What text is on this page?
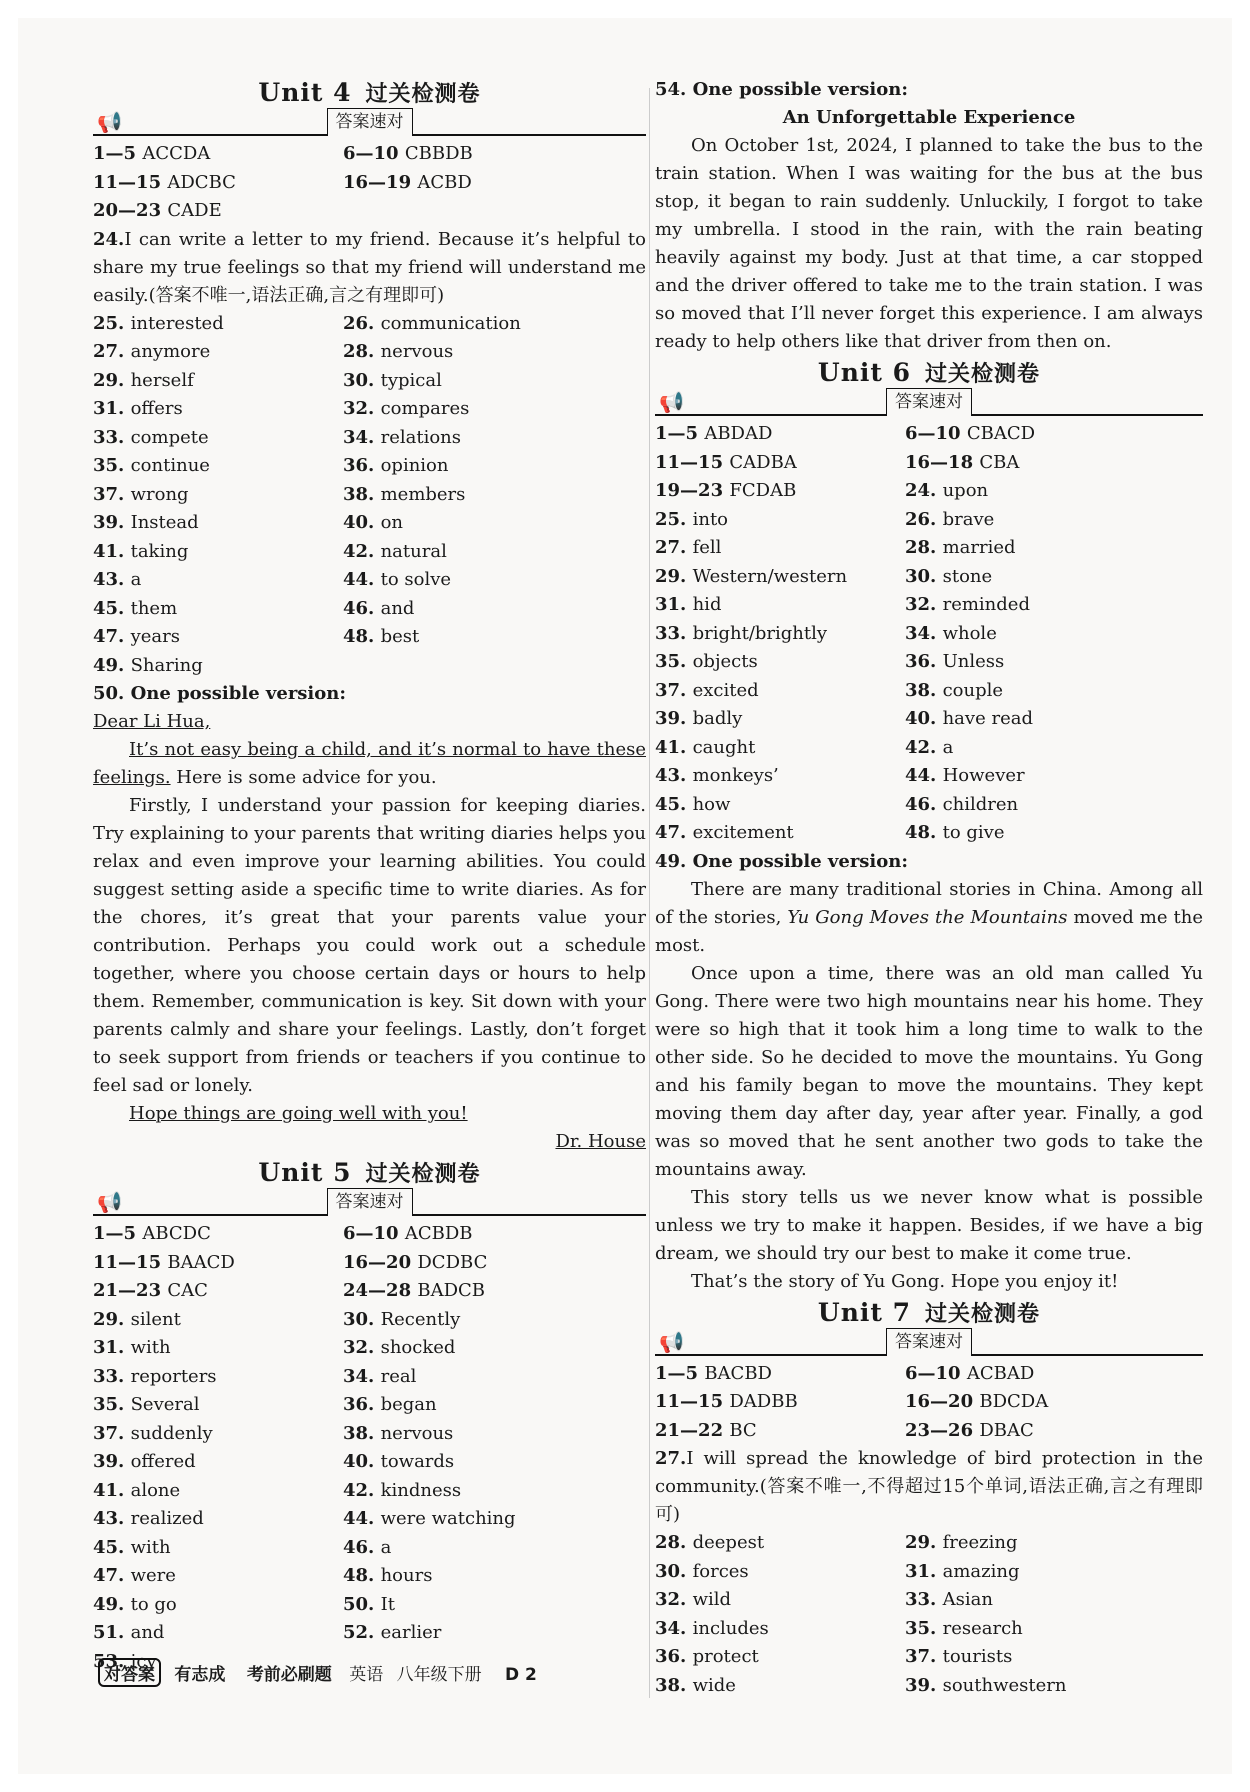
Unit 4 过关检测卷
📢	答案速对
1—5 ACCDA	6—10 CBBDB
11—15 ADCBC	16—19 ACBD
20—23 CADE

24.I can write a letter to my friend. Because it’s helpful to share my true feelings so that my friend will understand me easily.(答案不唯一,语法正确,言之有理即可)

25. interested	26. communication
27. anymore	28. nervous
29. herself	30. typical
31. offers	32. compares
33. compete	34. relations
35. continue	36. opinion
37. wrong	38. members
39. Instead	40. on
41. taking	42. natural
43. a	44. to solve
45. them	46. and
47. years	48. best
49. Sharing

50. One possible version:

Dear Li Hua,

It’s not easy being a child, and it’s normal to have these feelings. Here is some advice for you.

Firstly, I understand your passion for keeping diaries. Try explaining to your parents that writing diaries helps you relax and even improve your learning abilities. You could suggest setting aside a specific time to write diaries. As for the chores, it’s great that your parents value your contribution. Perhaps you could work out a schedule together, where you choose certain days or hours to help them. Remember, communication is key. Sit down with your parents calmly and share your feelings. Lastly, don’t forget to seek support from friends or teachers if you continue to feel sad or lonely.

Hope things are going well with you!

Dr. House

Unit 5 过关检测卷
📢	答案速对
1—5 ABCDC	6—10 ACBDB
11—15 BAACD	16—20 DCDBC
21—23 CAC	24—28 BADCB
29. silent	30. Recently
31. with	32. shocked
33. reporters	34. real
35. Several	36. began
37. suddenly	38. nervous
39. offered	40. towards
41. alone	42. kindness
43. realized	44. were watching
45. with	46. a
47. were	48. hours
49. to go	50. It
51. and	52. earlier
53. icy

54. One possible version:

An Unforgettable Experience

On October 1st, 2024, I planned to take the bus to the train station. When I was waiting for the bus at the bus stop, it began to rain suddenly. Unluckily, I forgot to take my umbrella. I stood in the rain, with the rain beating heavily against my body. Just at that time, a car stopped and the driver offered to take me to the train station. I was so moved that I’ll never forget this experience. I am always ready to help others like that driver from then on.

Unit 6 过关检测卷
📢	答案速对
1—5 ABDAD	6—10 CBACD
11—15 CADBA	16—18 CBA
19—23 FCDAB	24. upon
25. into	26. brave
27. fell	28. married
29. Western/western	30. stone
31. hid	32. reminded
33. bright/brightly	34. whole
35. objects	36. Unless
37. excited	38. couple
39. badly	40. have read
41. caught	42. a
43. monkeys’	44. However
45. how	46. children
47. excitement	48. to give

49. One possible version:

There are many traditional stories in China. Among all of the stories, Yu Gong Moves the Mountains moved me the most.

Once upon a time, there was an old man called Yu Gong. There were two high mountains near his home. They were so high that it took him a long time to walk to the other side. So he decided to move the mountains. Yu Gong and his family began to move the mountains. They kept moving them day after day, year after year. Finally, a god was so moved that he sent another two gods to take the mountains away.

This story tells us we never know what is possible unless we try to make it happen. Besides, if we have a big dream, we should try our best to make it come true.

That’s the story of Yu Gong. Hope you enjoy it!

Unit 7 过关检测卷
📢	答案速对
1—5 BACBD	6—10 ACBAD
11—15 DADBB	16—20 BDCDA
21—22 BC	23—26 DBAC

27.I will spread the knowledge of bird protection in the community.(答案不唯一,不得超过15个单词,语法正确,言之有理即可)

28. deepest	29. freezing
30. forces	31. amazing
32. wild	33. Asian
34. includes	35. research
36. protect	37. tourists
38. wide	39. southwestern
对答案 有志成 考前必刷题 英语 八年级下册 D 2
